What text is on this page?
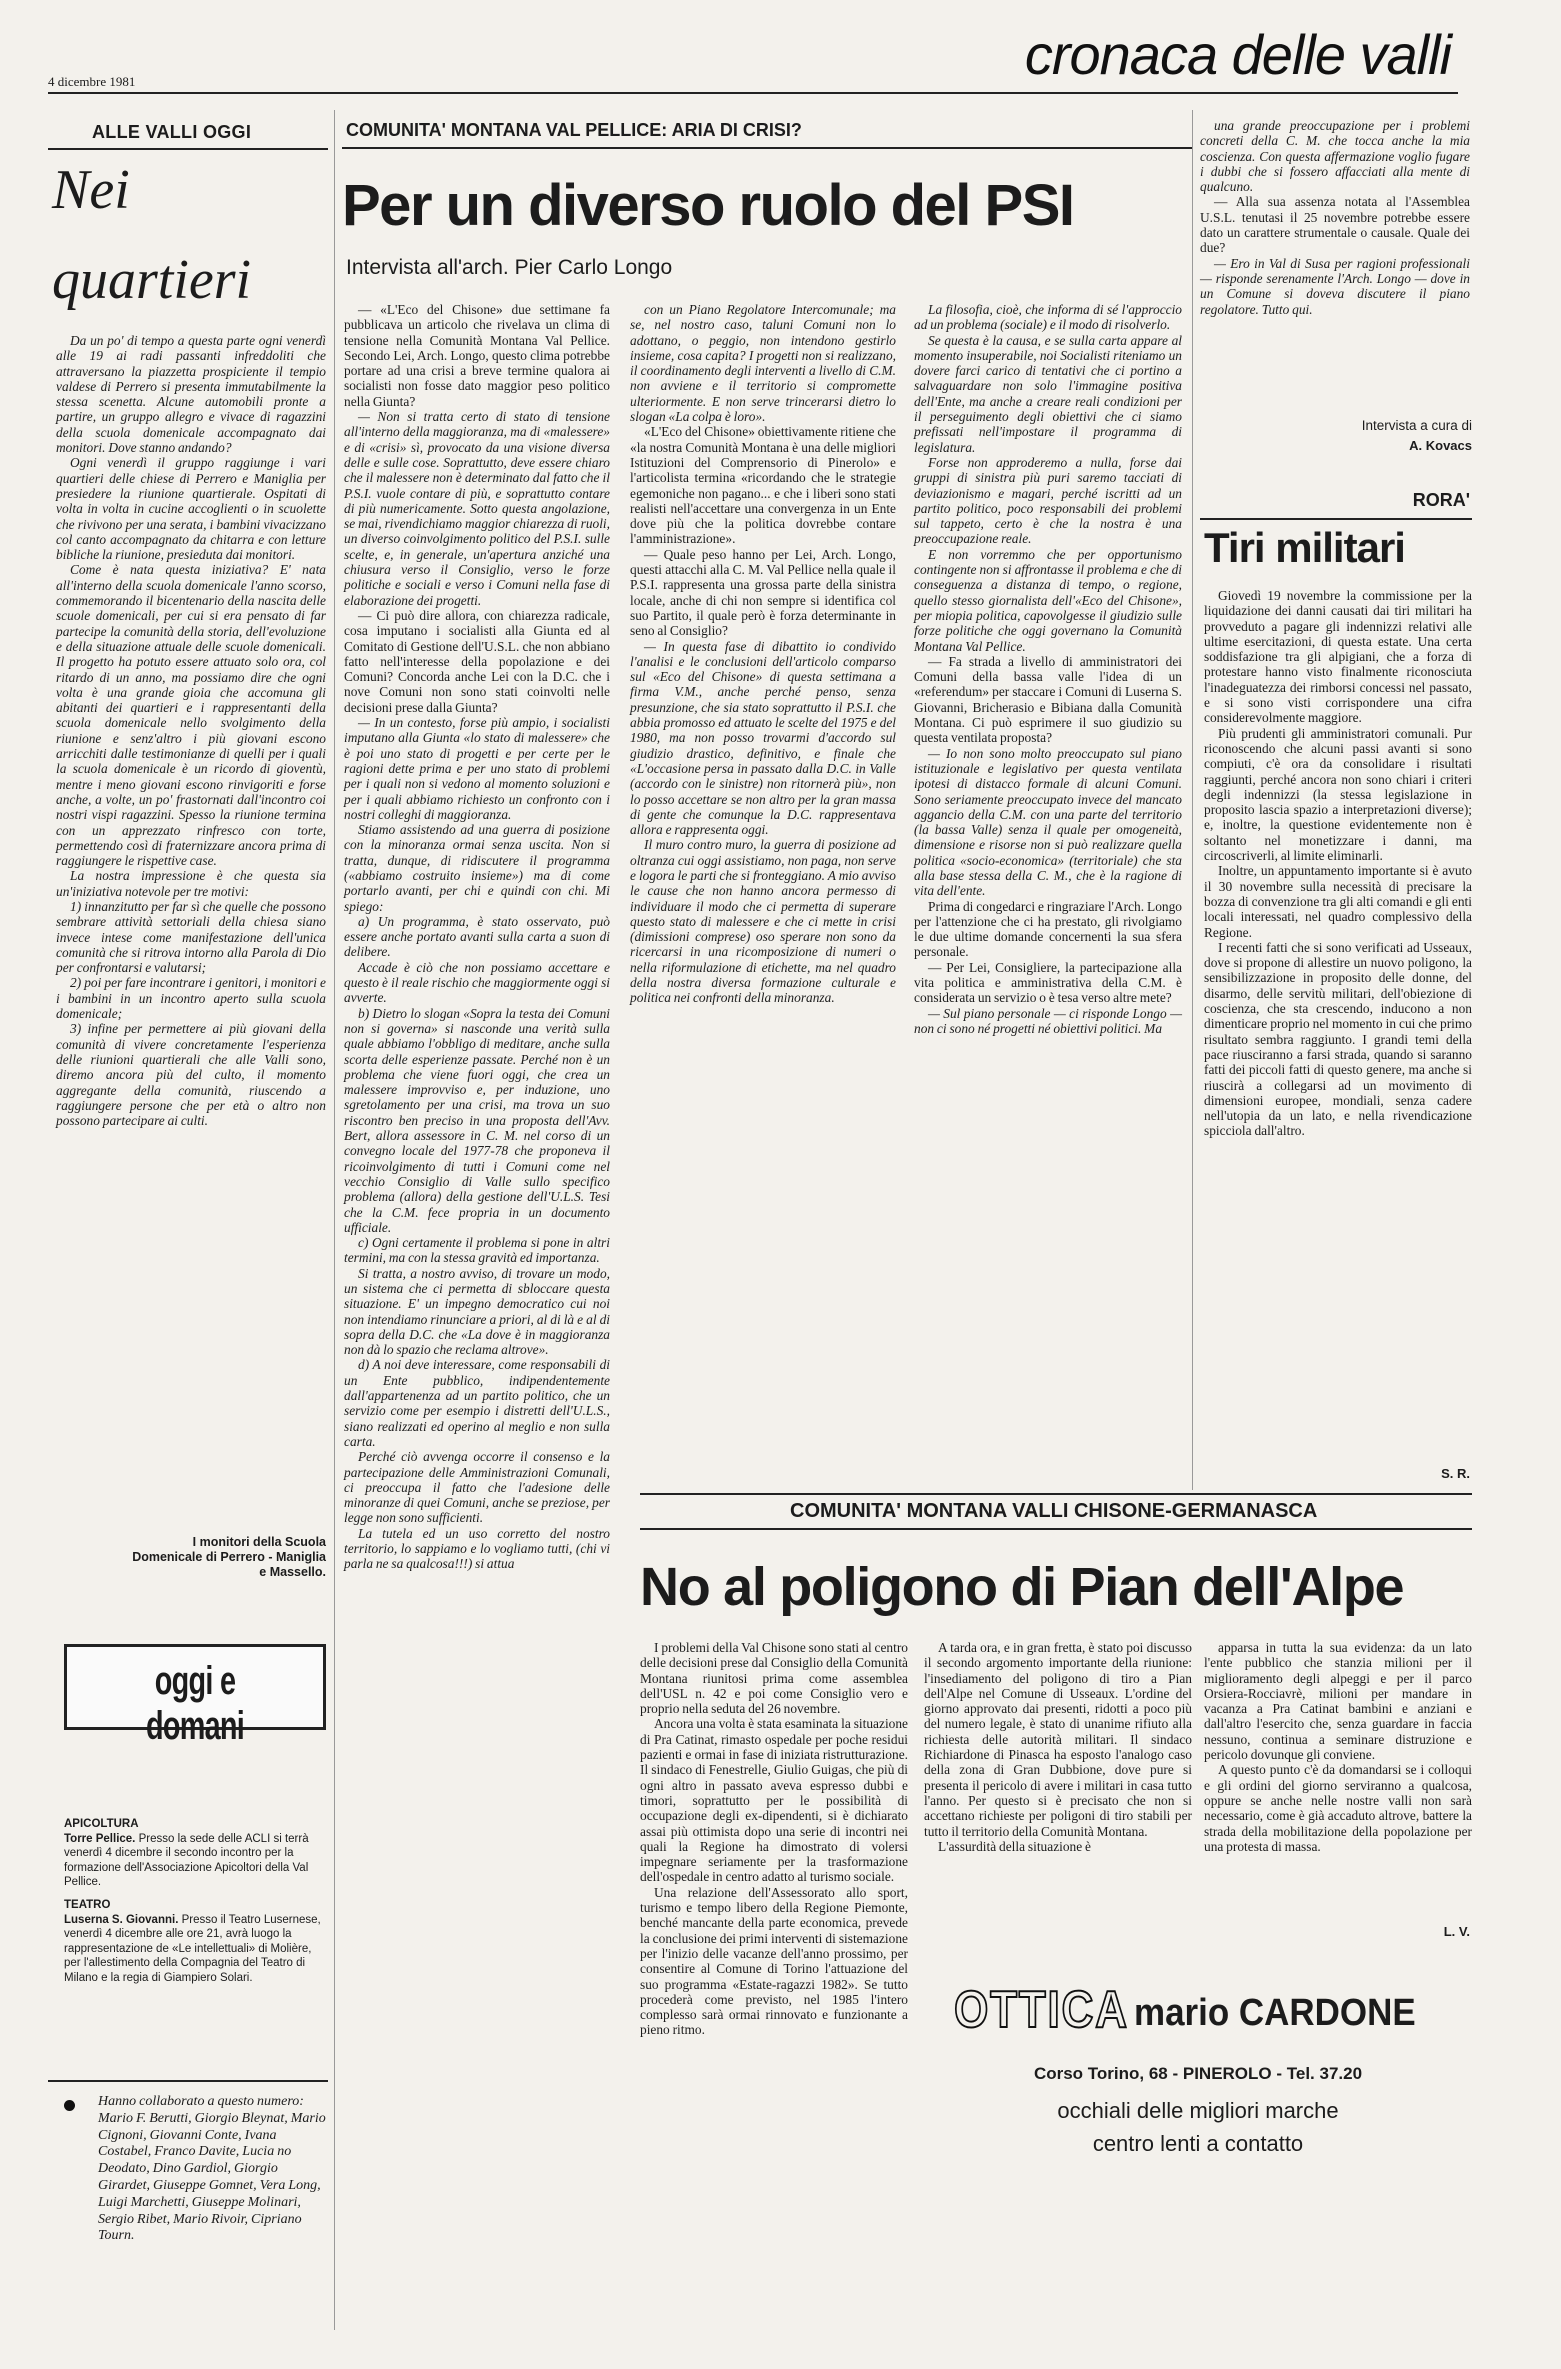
4 dicembre 1981	cronaca delle valli
ALLE VALLI OGGI
Nei
quartieri

Da un po' di tempo a questa parte ogni venerdì alle 19 ai radi passanti infreddoliti che attraversano la piazzetta prospiciente il tempio valdese di Perrero si presenta immutabilmente la stessa scenetta. Alcune automobili pronte a partire, un gruppo allegro e vivace di ragazzini della scuola domenicale accompagnato dai monitori. Dove stanno andando?

Ogni venerdì il gruppo raggiunge i vari quartieri delle chiese di Perrero e Maniglia per presiedere la riunione quartierale. Ospitati di volta in volta in cucine accoglienti o in scuolette che rivivono per una serata, i bambini vivacizzano col canto accompagnato da chitarra e con letture bibliche la riunione, presieduta dai monitori.

Come è nata questa iniziativa? E' nata all'interno della scuola domenicale l'anno scorso, commemorando il bicentenario della nascita delle scuole domenicali, per cui si era pensato di far partecipe la comunità della storia, dell'evoluzione e della situazione attuale delle scuole domenicali. Il progetto ha potuto essere attuato solo ora, col ritardo di un anno, ma possiamo dire che ogni volta è una grande gioia che accomuna gli abitanti dei quartieri e i rappresentanti della scuola domenicale nello svolgimento della riunione e senz'altro i più giovani escono arricchiti dalle testimonianze di quelli per i quali la scuola domenicale è un ricordo di gioventù, mentre i meno giovani escono rinvigoriti e forse anche, a volte, un po' frastornati dall'incontro coi nostri vispi ragazzini. Spesso la riunione termina con un apprezzato rinfresco con torte, permettendo così di fraternizzare ancora prima di raggiungere le rispettive case.

La nostra impressione è che questa sia un'iniziativa notevole per tre motivi:

1) innanzitutto per far sì che quelle che possono sembrare attività settoriali della chiesa siano invece intese come manifestazione dell'unica comunità che si ritrova intorno alla Parola di Dio per confrontarsi e valutarsi;

2) poi per fare incontrare i genitori, i monitori e i bambini in un incontro aperto sulla scuola domenicale;

3) infine per permettere ai più giovani della comunità di vivere concretamente l'esperienza delle riunioni quartierali che alle Valli sono, diremo ancora più del culto, il momento aggregante della comunità, riuscendo a raggiungere persone che per età o altro non possono partecipare ai culti.

I monitori della Scuola Domenicale di Perrero - Maniglia e Massello.
oggi e domani
APICOLTURA
Torre Pellice. Presso la sede delle ACLI si terrà venerdì 4 dicembre il secondo incontro per la formazione dell'Associazione Apicoltori della Val Pellice.
TEATRO
Luserna S. Giovanni. Presso il Teatro Lusernese, venerdì 4 dicembre alle ore 21, avrà luogo la rappresentazione de «Le intellettuali» di Molière, per l'allestimento della Compagnia del Teatro di Milano e la regia di Giampiero Solari.
Hanno collaborato a questo numero: Mario F. Berutti, Giorgio Bleynat, Mario Cignoni, Giovanni Conte, Ivana Costabel, Franco Davite, Lucia no Deodato, Dino Gardiol, Giorgio Girardet, Giuseppe Gomnet, Vera Long, Luigi Marchetti, Giuseppe Molinari, Sergio Ribet, Mario Rivoir, Cipriano Tourn.
COMUNITA' MONTANA VAL PELLICE: ARIA DI CRISI?
Per un diverso ruolo del PSI
Intervista all'arch. Pier Carlo Longo

— «L'Eco del Chisone» due settimane fa pubblicava un articolo che rivelava un clima di tensione nella Comunità Montana Val Pellice. Secondo Lei, Arch. Longo, questo clima potrebbe portare ad una crisi a breve termine qualora ai socialisti non fosse dato maggior peso politico nella Giunta?

— Non si tratta certo di stato di tensione all'interno della maggioranza, ma di «malessere» e di «crisi» sì, provocato da una visione diversa delle e sulle cose. Soprattutto, deve essere chiaro che il malessere non è determinato dal fatto che il P.S.I. vuole contare di più, e soprattutto contare di più numericamente. Sotto questa angolazione, se mai, rivendichiamo maggior chiarezza di ruoli, un diverso coinvolgimento politico del P.S.I. sulle scelte, e, in generale, un'apertura anziché una chiusura verso il Consiglio, verso le forze politiche e sociali e verso i Comuni nella fase di elaborazione dei progetti.

— Ci può dire allora, con chiarezza radicale, cosa imputano i socialisti alla Giunta ed al Comitato di Gestione dell'U.S.L. che non abbiano fatto nell'interesse della popolazione e dei Comuni? Concorda anche Lei con la D.C. che i nove Comuni non sono stati coinvolti nelle decisioni prese dalla Giunta?

— In un contesto, forse più ampio, i socialisti imputano alla Giunta «lo stato di malessere» che è poi uno stato di progetti e per certe per le ragioni dette prima e per uno stato di problemi per i quali non si vedono al momento soluzioni e per i quali abbiamo richiesto un confronto con i nostri colleghi di maggioranza.

Stiamo assistendo ad una guerra di posizione con la minoranza ormai senza uscita. Non si tratta, dunque, di ridiscutere il programma («abbiamo costruito insieme») ma di come portarlo avanti, per chi e quindi con chi. Mi spiego:

a) Un programma, è stato osservato, può essere anche portato avanti sulla carta a suon di delibere.

Accade è ciò che non possiamo accettare e questo è il reale rischio che maggiormente oggi si avverte.

b) Dietro lo slogan «Sopra la testa dei Comuni non si governa» si nasconde una verità sulla quale abbiamo l'obbligo di meditare, anche sulla scorta delle esperienze passate. Perché non è un problema che viene fuori oggi, che crea un malessere improvviso e, per induzione, uno sgretolamento per una crisi, ma trova un suo riscontro ben preciso in una proposta dell'Avv. Bert, allora assessore in C. M. nel corso di un convegno locale del 1977-78 che proponeva il ricoinvolgimento di tutti i Comuni come nel vecchio Consiglio di Valle sullo specifico problema (allora) della gestione dell'U.L.S. Tesi che la C.M. fece propria in un documento ufficiale.

c) Ogni certamente il problema si pone in altri termini, ma con la stessa gravità ed importanza.

Si tratta, a nostro avviso, di trovare un modo, un sistema che ci permetta di sbloccare questa situazione. E' un impegno democratico cui noi non intendiamo rinunciare a priori, al di là e al di sopra della D.C. che «La dove è in maggioranza non dà lo spazio che reclama altrove».

d) A noi deve interessare, come responsabili di un Ente pubblico, indipendentemente dall'appartenenza ad un partito politico, che un servizio come per esempio i distretti dell'U.L.S., siano realizzati ed operino al meglio e non sulla carta.

Perché ciò avvenga occorre il consenso e la partecipazione delle Amministrazioni Comunali, ci preoccupa il fatto che l'adesione delle minoranze di quei Comuni, anche se preziose, per legge non sono sufficienti.

La tutela ed un uso corretto del nostro territorio, lo sappiamo e lo vogliamo tutti, (chi vi parla ne sa qualcosa!!!) si attua

con un Piano Regolatore Intercomunale; ma se, nel nostro caso, taluni Comuni non lo adottano, o peggio, non intendono gestirlo insieme, cosa capita? I progetti non si realizzano, il coordinamento degli interventi a livello di C.M. non avviene e il territorio si compromette ulteriormente. E non serve trincerarsi dietro lo slogan «La colpa è loro».

«L'Eco del Chisone» obiettivamente ritiene che «la nostra Comunità Montana è una delle migliori Istituzioni del Comprensorio di Pinerolo» e l'articolista termina «ricordando che le strategie egemoniche non pagano... e che i liberi sono stati realisti nell'accettare una convergenza in un Ente dove più che la politica dovrebbe contare l'amministrazione».

— Quale peso hanno per Lei, Arch. Longo, questi attacchi alla C. M. Val Pellice nella quale il P.S.I. rappresenta una grossa parte della sinistra locale, anche di chi non sempre si identifica col suo Partito, il quale però è forza determinante in seno al Consiglio?

— In questa fase di dibattito io condivido l'analisi e le conclusioni dell'articolo comparso sul «Eco del Chisone» di questa settimana a firma V.M., anche perché penso, senza presunzione, che sia stato soprattutto il P.S.I. che abbia promosso ed attuato le scelte del 1975 e del 1980, ma non posso trovarmi d'accordo sul giudizio drastico, definitivo, e finale che «L'occasione persa in passato dalla D.C. in Valle (accordo con le sinistre) non ritornerà più», non lo posso accettare se non altro per la gran massa di gente che comunque la D.C. rappresentava allora e rappresenta oggi.

Il muro contro muro, la guerra di posizione ad oltranza cui oggi assistiamo, non paga, non serve e logora le parti che si fronteggiano. A mio avviso le cause che non hanno ancora permesso di individuare il modo che ci permetta di superare questo stato di malessere e che ci mette in crisi (dimissioni comprese) oso sperare non sono da ricercarsi in una ricomposizione di numeri o nella riformulazione di etichette, ma nel quadro della nostra diversa formazione culturale e politica nei confronti della minoranza.

La filosofia, cioè, che informa di sé l'approccio ad un problema (sociale) e il modo di risolverlo.

Se questa è la causa, e se sulla carta appare al momento insuperabile, noi Socialisti riteniamo un dovere farci carico di tentativi che ci portino a salvaguardare non solo l'immagine positiva dell'Ente, ma anche a creare reali condizioni per il perseguimento degli obiettivi che ci siamo prefissati nell'impostare il programma di legislatura.

Forse non approderemo a nulla, forse dai gruppi di sinistra più puri saremo tacciati di deviazionismo e magari, perché iscritti ad un partito politico, poco responsabili dei problemi sul tappeto, certo è che la nostra è una preoccupazione reale.

E non vorremmo che per opportunismo contingente non si affrontasse il problema e che di conseguenza a distanza di tempo, o regione, quello stesso giornalista dell'«Eco del Chisone», per miopia politica, capovolgesse il giudizio sulle forze politiche che oggi governano la Comunità Montana Val Pellice.

— Fa strada a livello di amministratori dei Comuni della bassa valle l'idea di un «referendum» per staccare i Comuni di Luserna S. Giovanni, Bricherasio e Bibiana dalla Comunità Montana. Ci può esprimere il suo giudizio su questa ventilata proposta?

— Io non sono molto preoccupato sul piano istituzionale e legislativo per questa ventilata ipotesi di distacco formale di alcuni Comuni. Sono seriamente preoccupato invece del mancato aggancio della C.M. con una parte del territorio (la bassa Valle) senza il quale per omogeneità, dimensione e risorse non si può realizzare quella politica «socio-economica» (territoriale) che sta alla base stessa della C. M., che è la ragione di vita dell'ente.

Prima di congedarci e ringraziare l'Arch. Longo per l'attenzione che ci ha prestato, gli rivolgiamo le due ultime domande concernenti la sua sfera personale.

— Per Lei, Consigliere, la partecipazione alla vita politica e amministrativa della C.M. è considerata un servizio o è tesa verso altre mete?

— Sul piano personale — ci risponde Longo — non ci sono né progetti né obiettivi politici. Ma

una grande preoccupazione per i problemi concreti della C. M. che tocca anche la mia coscienza. Con questa affermazione voglio fugare i dubbi che si fossero affacciati alla mente di qualcuno.

— Alla sua assenza notata al l'Assemblea U.S.L. tenutasi il 25 novembre potrebbe essere dato un carattere strumentale o causale. Quale dei due?

— Ero in Val di Susa per ragioni professionali — risponde serenamente l'Arch. Longo — dove in un Comune si doveva discutere il piano regolatore. Tutto qui.

Intervista a cura di
A. Kovacs
RORA'
Tiri militari

Giovedì 19 novembre la commissione per la liquidazione dei danni causati dai tiri militari ha provveduto a pagare gli indennizzi relativi alle ultime esercitazioni, di questa estate. Una certa soddisfazione tra gli alpigiani, che a forza di protestare hanno visto finalmente riconosciuta l'inadeguatezza dei rimborsi concessi nel passato, e si sono visti corrispondere una cifra considerevolmente maggiore.

Più prudenti gli amministratori comunali. Pur riconoscendo che alcuni passi avanti si sono compiuti, c'è ora da consolidare i risultati raggiunti, perché ancora non sono chiari i criteri degli indennizzi (la stessa legislazione in proposito lascia spazio a interpretazioni diverse); e, inoltre, la questione evidentemente non è soltanto nel monetizzare i danni, ma circoscriverli, al limite eliminarli.

Inoltre, un appuntamento importante si è avuto il 30 novembre sulla necessità di precisare la bozza di convenzione tra gli alti comandi e gli enti locali interessati, nel quadro complessivo della Regione.

I recenti fatti che si sono verificati ad Usseaux, dove si propone di allestire un nuovo poligono, la sensibilizzazione in proposito delle donne, del disarmo, delle servitù militari, dell'obiezione di coscienza, che sta crescendo, inducono a non dimenticare proprio nel momento in cui che primo risultato sembra raggiunto. I grandi temi della pace riusciranno a farsi strada, quando si saranno fatti dei piccoli fatti di questo genere, ma anche si riuscirà a collegarsi ad un movimento di dimensioni europee, mondiali, senza cadere nell'utopia da un lato, e nella rivendicazione spicciola dall'altro.

S. R.
COMUNITA' MONTANA VALLI CHISONE-GERMANASCA
No al poligono di Pian dell'Alpe

I problemi della Val Chisone sono stati al centro delle decisioni prese dal Consiglio della Comunità Montana riunitosi prima come assemblea dell'USL n. 42 e poi come Consiglio vero e proprio nella seduta del 26 novembre.

Ancora una volta è stata esaminata la situazione di Pra Catinat, rimasto ospedale per poche residui pazienti e ormai in fase di iniziata ristrutturazione. Il sindaco di Fenestrelle, Giulio Guigas, che più di ogni altro in passato aveva espresso dubbi e timori, soprattutto per le possibilità di occupazione degli ex-dipendenti, si è dichiarato assai più ottimista dopo una serie di incontri nei quali la Regione ha dimostrato di volersi impegnare seriamente per la trasformazione dell'ospedale in centro adatto al turismo sociale.

Una relazione dell'Assessorato allo sport, turismo e tempo libero della Regione Piemonte, benché mancante della parte economica, prevede la conclusione dei primi interventi di sistemazione per l'inizio delle vacanze dell'anno prossimo, per consentire al Comune di Torino l'attuazione del suo programma «Estate-ragazzi 1982». Se tutto procederà come previsto, nel 1985 l'intero complesso sarà ormai rinnovato e funzionante a pieno ritmo.

A tarda ora, e in gran fretta, è stato poi discusso il secondo argomento importante della riunione: l'insediamento del poligono di tiro a Pian dell'Alpe nel Comune di Usseaux. L'ordine del giorno approvato dai presenti, ridotti a poco più del numero legale, è stato di unanime rifiuto alla richiesta delle autorità militari. Il sindaco Richiardone di Pinasca ha esposto l'analogo caso della zona di Gran Dubbione, dove pure si presenta il pericolo di avere i militari in casa tutto l'anno. Per questo si è precisato che non si accettano richieste per poligoni di tiro stabili per tutto il territorio della Comunità Montana.

L'assurdità della situazione è

apparsa in tutta la sua evidenza: da un lato l'ente pubblico che stanzia milioni per il miglioramento degli alpeggi e per il parco Orsiera-Rocciavrè, milioni per mandare in vacanza a Pra Catinat bambini e anziani e dall'altro l'esercito che, senza guardare in faccia nessuno, continua a seminare distruzione e pericolo dovunque gli conviene.

A questo punto c'è da domandarsi se i colloqui e gli ordini del giorno serviranno a qualcosa, oppure se anche nelle nostre valli non sarà necessario, come è già accaduto altrove, battere la strada della mobilitazione della popolazione per una protesta di massa.

L. V.
OTTICA mario CARDONE
Corso Torino, 68 - PINEROLO - Tel. 37.20
occhiali delle migliori marche
centro lenti a contatto
